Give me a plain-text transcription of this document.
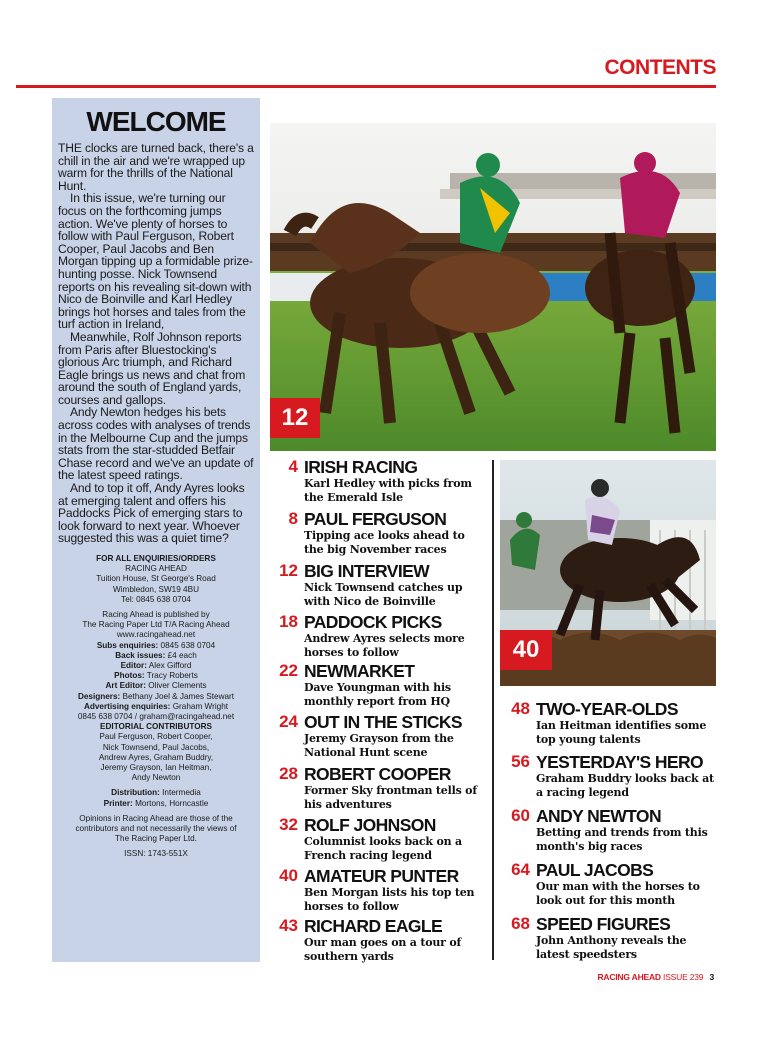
CONTENTS
WELCOME

THE clocks are turned back, there's a chill in the air and we're wrapped up warm for the thrills of the National Hunt.

In this issue, we're turning our focus on the forthcoming jumps action. We've plenty of horses to follow with Paul Ferguson, Robert Cooper, Paul Jacobs and Ben Morgan tipping up a formidable prize-hunting posse. Nick Townsend reports on his revealing sit-down with Nico de Boinville and Karl Hedley brings hot horses and tales from the turf action in Ireland,

Meanwhile, Rolf Johnson reports from Paris after Bluestocking's glorious Arc triumph, and Richard Eagle brings us news and chat from around the south of England yards, courses and gallops.

Andy Newton hedges his bets across codes with analyses of trends in the Melbourne Cup and the jumps stats from the star-studded Betfair Chase record and we've an update of the latest speed ratings.

And to top it off, Andy Ayres looks at emerging talent and offers his Paddocks Pick of emerging stars to look forward to next year. Whoever suggested this was a quiet time?

FOR ALL ENQUIRIES/ORDERS
RACING AHEAD
Tuition House, St George's Road
Wimbledon, SW19 4BU
Tel: 0845 638 0704
Racing Ahead is published by
The Racing Paper Ltd T/A Racing Ahead
www.racingahead.net
Subs enquiries: 0845 638 0704
Back issues: £4 each
Editor: Alex Gifford
Photos: Tracy Roberts
Art Editor: Oliver Clements
Designers: Bethany Joel & James Stewart
Advertising enquiries: Graham Wright
0845 638 0704 / graham@racingahead.net
EDITORIAL CONTRIBUTORS
Paul Ferguson, Robert Cooper,
Nick Townsend, Paul Jacobs,
Andrew Ayres, Graham Buddry,
Jeremy Grayson, Ian Heitman,
Andy Newton
Distribution: Intermedia
Printer: Mortons, Horncastle
Opinions in Racing Ahead are those of the
contributors and not necessarily the views of
The Racing Paper Ltd.
ISSN: 1743-551X
12
40
4 IRISH RACING
Karl Hedley with picks from the Emerald Isle
8 PAUL FERGUSON
Tipping ace looks ahead to the big November races
12 BIG INTERVIEW
Nick Townsend catches up with Nico de Boinville
18 PADDOCK PICKS
Andrew Ayres selects more horses to follow
22 NEWMARKET
Dave Youngman with his monthly report from HQ
24 OUT IN THE STICKS
Jeremy Grayson from the National Hunt scene
28 ROBERT COOPER
Former Sky frontman tells of his adventures
32 ROLF JOHNSON
Columnist looks back on a French racing legend
40 AMATEUR PUNTER
Ben Morgan lists his top ten horses to follow
43 RICHARD EAGLE
Our man goes on a tour of southern yards
48 TWO-YEAR-OLDS
Ian Heitman identifies some top young talents
56 YESTERDAY'S HERO
Graham Buddry looks back at a racing legend
60 ANDY NEWTON
Betting and trends from this month's big races
64 PAUL JACOBS
Our man with the horses to look out for this month
68 SPEED FIGURES
John Anthony reveals the latest speedsters
RACING AHEAD ISSUE 239 3
